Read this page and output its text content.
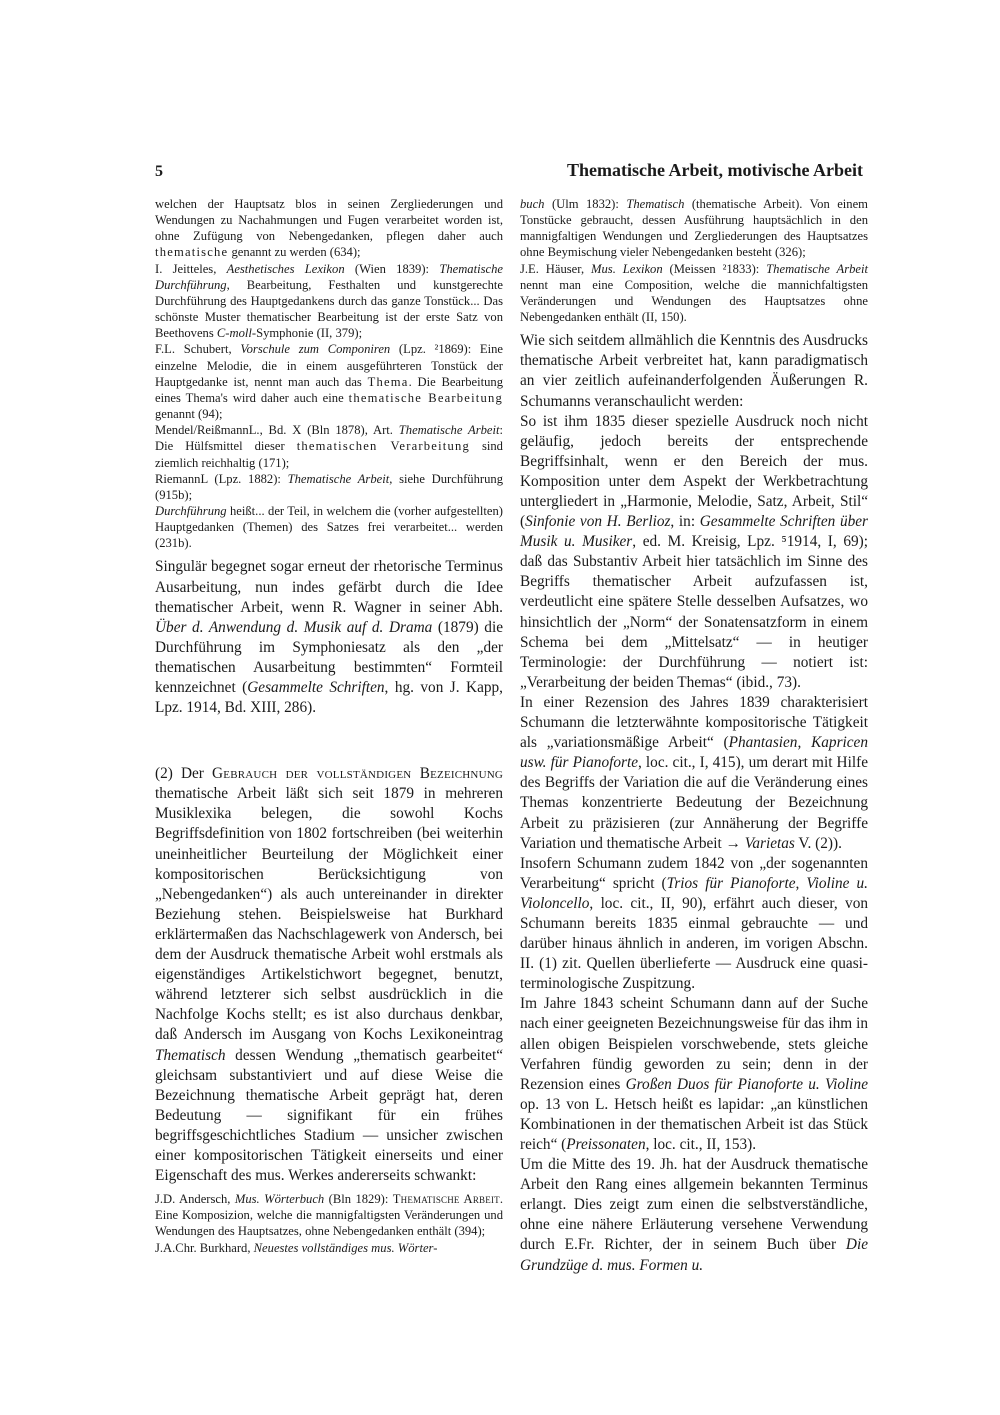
5	Thematische Arbeit, motivische Arbeit

welchen der Hauptsatz blos in seinen Zergliederungen und Wendungen zu Nachahmungen und Fugen verarbeitet worden ist, ohne Zufügung von Nebengedanken, pflegen daher auch thematische genannt zu werden (634);

I. Jeitteles, Aesthetisches Lexikon (Wien 1839): Thematische Durchführung, Bearbeitung, Festhalten und kunstgerechte Durchführung des Hauptgedankens durch das ganze Tonstück... Das schönste Muster thematischer Bearbeitung ist der erste Satz von Beethovens C-moll-Symphonie (II, 379);

F.L. Schubert, Vorschule zum Componiren (Lpz. ²1869): Eine einzelne Melodie, die in einem ausgeführteren Tonstück der Hauptgedanke ist, nennt man auch das Thema. Die Bearbeitung eines Thema's wird daher auch eine thematische Bearbeitung genannt (94);

Mendel/ReißmannL., Bd. X (Bln 1878), Art. Thematische Arbeit: Die Hülfsmittel dieser thematischen Verarbeitung sind ziemlich reichhaltig (171);

RiemannL (Lpz. 1882): Thematische Arbeit, siehe Durchführung (915b);

Durchführung heißt... der Teil, in welchem die (vorher aufgestellten) Hauptgedanken (Themen) des Satzes frei verarbeitet... werden (231b).

Singulär begegnet sogar erneut der rhetorische Terminus Ausarbeitung, nun indes gefärbt durch die Idee thematischer Arbeit, wenn R. Wagner in seiner Abh. Über d. Anwendung d. Musik auf d. Drama (1879) die Durchführung im Symphoniesatz als den „der thematischen Ausarbeitung bestimmten“ Formteil kennzeichnet (Gesammelte Schriften, hg. von J. Kapp, Lpz. 1914, Bd. XIII, 286).

(2) Der Gebrauch der vollständigen Bezeichnung thematische Arbeit läßt sich seit 1879 in mehreren Musiklexika belegen, die sowohl Kochs Begriffsdefinition von 1802 fortschreiben (bei weiterhin uneinheitlicher Beurteilung der Möglichkeit einer kompositorischen Berücksichtigung von „Nebengedanken“) als auch untereinander in direkter Beziehung stehen. Beispielsweise hat Burkhard erklärtermaßen das Nachschlagewerk von Andersch, bei dem der Ausdruck thematische Arbeit wohl erstmals als eigenständiges Artikelstichwort begegnet, benutzt, während letzterer sich selbst ausdrücklich in die Nachfolge Kochs stellt; es ist also durchaus denkbar, daß Andersch im Ausgang von Kochs Lexikoneintrag Thematisch dessen Wendung „thematisch gearbeitet“ gleichsam substantiviert und auf diese Weise die Bezeichnung thematische Arbeit geprägt hat, deren Bedeutung — signifikant für ein frühes begriffsgeschichtliches Stadium — unsicher zwischen einer kompositorischen Tätigkeit einerseits und einer Eigenschaft des mus. Werkes andererseits schwankt:

J.D. Andersch, Mus. Wörterbuch (Bln 1829): Thematische Arbeit. Eine Komposizion, welche die mannigfaltigsten Veränderungen und Wendungen des Hauptsatzes, ohne Nebengedanken enthält (394);

J.A.Chr. Burkhard, Neuestes vollständiges mus. Wörter-

buch (Ulm 1832): Thematisch (thematische Arbeit). Von einem Tonstücke gebraucht, dessen Ausführung hauptsächlich in den mannigfaltigen Wendungen und Zergliederungen des Hauptsatzes ohne Beymischung vieler Nebengedanken besteht (326);

J.E. Häuser, Mus. Lexikon (Meissen ²1833): Thematische Arbeit nennt man eine Composition, welche die mannichfaltigsten Veränderungen und Wendungen des Hauptsatzes ohne Nebengedanken enthält (II, 150).

Wie sich seitdem allmählich die Kenntnis des Ausdrucks thematische Arbeit verbreitet hat, kann paradigmatisch an vier zeitlich aufeinanderfolgenden Äußerungen R. Schumanns veranschaulicht werden:

So ist ihm 1835 dieser spezielle Ausdruck noch nicht geläufig, jedoch bereits der entsprechende Begriffsinhalt, wenn er den Bereich der mus. Komposition unter dem Aspekt der Werkbetrachtung untergliedert in „Harmonie, Melodie, Satz, Arbeit, Stil“ (Sinfonie von H. Berlioz, in: Gesammelte Schriften über Musik u. Musiker, ed. M. Kreisig, Lpz. ⁵1914, I, 69); daß das Substantiv Arbeit hier tatsächlich im Sinne des Begriffs thematischer Arbeit aufzufassen ist, verdeutlicht eine spätere Stelle desselben Aufsatzes, wo hinsichtlich der „Norm“ der Sonatensatzform in einem Schema bei dem „Mittelsatz“ — in heutiger Terminologie: der Durchführung — notiert ist: „Verarbeitung der beiden Themas“ (ibid., 73).

In einer Rezension des Jahres 1839 charakterisiert Schumann die letzterwähnte kompositorische Tätigkeit als „variationsmäßige Arbeit“ (Phantasien, Kapricen usw. für Pianoforte, loc. cit., I, 415), um derart mit Hilfe des Begriffs der Variation die auf die Veränderung eines Themas konzentrierte Bedeutung der Bezeichnung Arbeit zu präzisieren (zur Annäherung der Begriffe Variation und thematische Arbeit → Varietas V. (2)).

Insofern Schumann zudem 1842 von „der sogenannten Verarbeitung“ spricht (Trios für Pianoforte, Violine u. Violoncello, loc. cit., II, 90), erfährt auch dieser, von Schumann bereits 1835 einmal gebrauchte — und darüber hinaus ähnlich in anderen, im vorigen Abschn. II. (1) zit. Quellen überlieferte — Ausdruck eine quasi-terminologische Zuspitzung.

Im Jahre 1843 scheint Schumann dann auf der Suche nach einer geeigneten Bezeichnungsweise für das ihm in allen obigen Beispielen vorschwebende, stets gleiche Verfahren fündig geworden zu sein; denn in der Rezension eines Großen Duos für Pianoforte u. Violine op. 13 von L. Hetsch heißt es lapidar: „an künstlichen Kombinationen in der thematischen Arbeit ist das Stück reich“ (Preissonaten, loc. cit., II, 153).

Um die Mitte des 19. Jh. hat der Ausdruck thematische Arbeit den Rang eines allgemein bekannten Terminus erlangt. Dies zeigt zum einen die selbstverständliche, ohne eine nähere Erläuterung versehene Verwendung durch E.Fr. Richter, der in seinem Buch über Die Grundzüge d. mus. Formen u.
